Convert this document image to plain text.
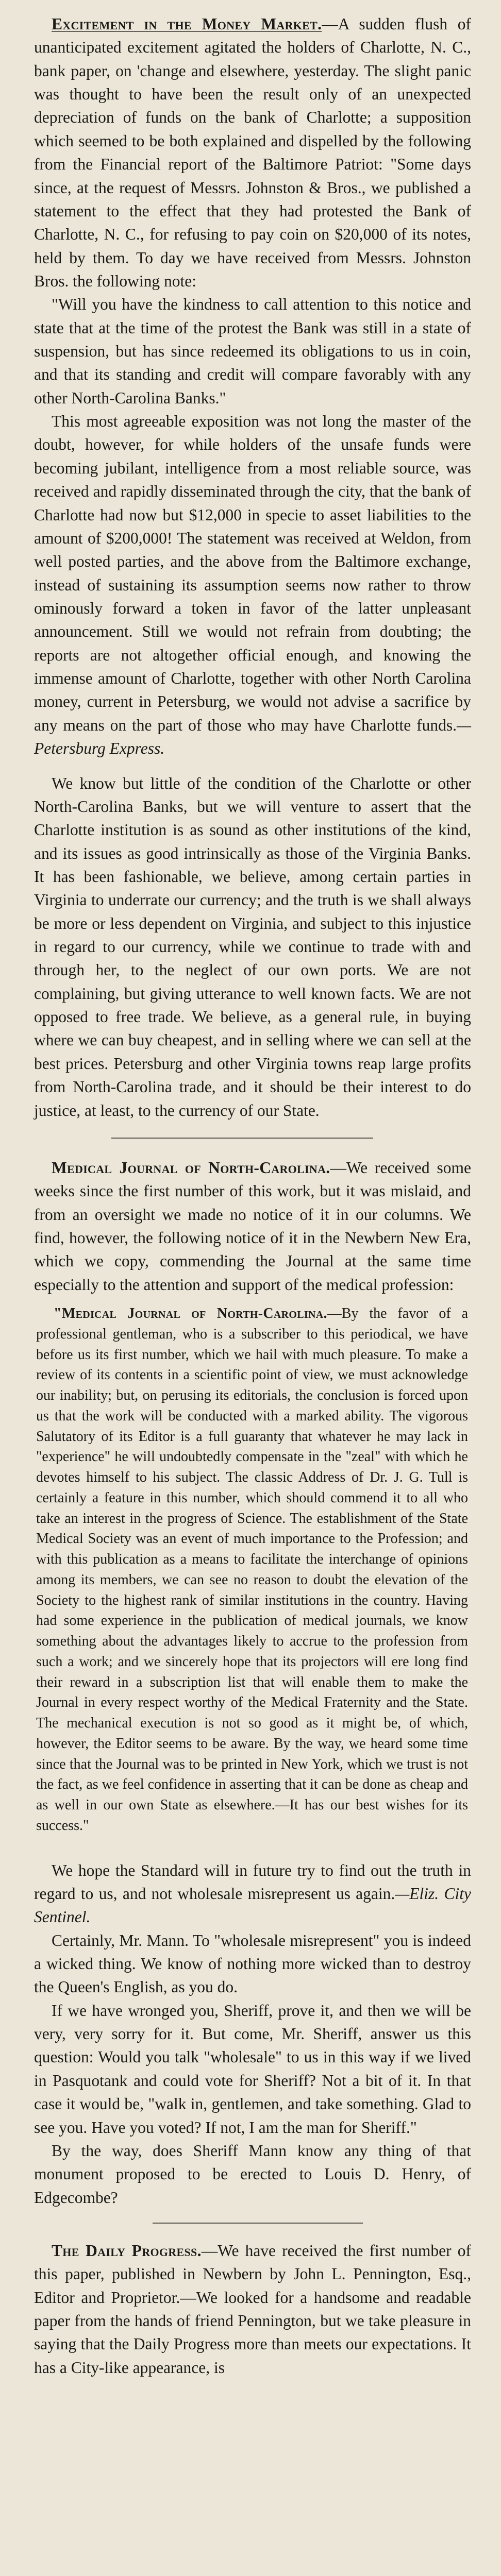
Excitement in the Money Market.—A sudden flush of unanticipated excitement agitated the holders of Charlotte, N. C., bank paper, on 'change and elsewhere, yesterday. The slight panic was thought to have been the result only of an unexpected depreciation of funds on the bank of Charlotte; a supposition which seemed to be both explained and dispelled by the following from the Financial report of the Baltimore Patriot: "Some days since, at the request of Messrs. Johnston & Bros., we published a statement to the effect that they had protested the Bank of Charlotte, N. C., for refusing to pay coin on $20,000 of its notes, held by them. To day we have received from Messrs. Johnston Bros. the following note:

"Will you have the kindness to call attention to this notice and state that at the time of the protest the Bank was still in a state of suspension, but has since redeemed its obligations to us in coin, and that its standing and credit will compare favorably with any other North-Carolina Banks."

This most agreeable exposition was not long the master of the doubt, however, for while holders of the unsafe funds were becoming jubilant, intelligence from a most reliable source, was received and rapidly disseminated through the city, that the bank of Charlotte had now but $12,000 in specie to asset liabilities to the amount of $200,000! The statement was received at Weldon, from well posted parties, and the above from the Baltimore exchange, instead of sustaining its assumption seems now rather to throw ominously forward a token in favor of the latter unpleasant announcement. Still we would not refrain from doubting; the reports are not altogether official enough, and knowing the immense amount of Charlotte, together with other North Carolina money, current in Petersburg, we would not advise a sacrifice by any means on the part of those who may have Charlotte funds.—Petersburg Express.

We know but little of the condition of the Charlotte or other North-Carolina Banks, but we will venture to assert that the Charlotte institution is as sound as other institutions of the kind, and its issues as good intrinsically as those of the Virginia Banks. It has been fashionable, we believe, among certain parties in Virginia to underrate our currency; and the truth is we shall always be more or less dependent on Virginia, and subject to this injustice in regard to our currency, while we continue to trade with and through her, to the neglect of our own ports. We are not complaining, but giving utterance to well known facts. We are not opposed to free trade. We believe, as a general rule, in buying where we can buy cheapest, and in selling where we can sell at the best prices. Petersburg and other Virginia towns reap large profits from North-Carolina trade, and it should be their interest to do justice, at least, to the currency of our State.

Medical Journal of North-Carolina.—We received some weeks since the first number of this work, but it was mislaid, and from an oversight we made no notice of it in our columns. We find, however, the following notice of it in the Newbern New Era, which we copy, commending the Journal at the same time especially to the attention and support of the medical profession:

"Medical Journal of North-Carolina.—By the favor of a professional gentleman, who is a subscriber to this periodical, we have before us its first number, which we hail with much pleasure. To make a review of its contents in a scientific point of view, we must acknowledge our inability; but, on perusing its editorials, the conclusion is forced upon us that the work will be conducted with a marked ability. The vigorous Salutatory of its Editor is a full guaranty that whatever he may lack in "experience" he will undoubtedly compensate in the "zeal" with which he devotes himself to his subject. The classic Address of Dr. J. G. Tull is certainly a feature in this number, which should commend it to all who take an interest in the progress of Science. The establishment of the State Medical Society was an event of much importance to the Profession; and with this publication as a means to facilitate the interchange of opinions among its members, we can see no reason to doubt the elevation of the Society to the highest rank of similar institutions in the country. Having had some experience in the publication of medical journals, we know something about the advantages likely to accrue to the profession from such a work; and we sincerely hope that its projectors will ere long find their reward in a subscription list that will enable them to make the Journal in every respect worthy of the Medical Fraternity and the State. The mechanical execution is not so good as it might be, of which, however, the Editor seems to be aware. By the way, we heard some time since that the Journal was to be printed in New York, which we trust is not the fact, as we feel confidence in asserting that it can be done as cheap and as well in our own State as elsewhere.—It has our best wishes for its success."

We hope the Standard will in future try to find out the truth in regard to us, and not wholesale misrepresent us again.—Eliz. City Sentinel.

Certainly, Mr. Mann. To "wholesale misrepresent" you is indeed a wicked thing. We know of nothing more wicked than to destroy the Queen's English, as you do.

If we have wronged you, Sheriff, prove it, and then we will be very, very sorry for it. But come, Mr. Sheriff, answer us this question: Would you talk "wholesale" to us in this way if we lived in Pasquotank and could vote for Sheriff? Not a bit of it. In that case it would be, "walk in, gentlemen, and take something. Glad to see you. Have you voted? If not, I am the man for Sheriff."

By the way, does Sheriff Mann know any thing of that monument proposed to be erected to Louis D. Henry, of Edgecombe?

The Daily Progress.—We have received the first number of this paper, published in Newbern by John L. Pennington, Esq., Editor and Proprietor.—We looked for a handsome and readable paper from the hands of friend Pennington, but we take pleasure in saying that the Daily Progress more than meets our expectations. It has a City-like appearance, is
